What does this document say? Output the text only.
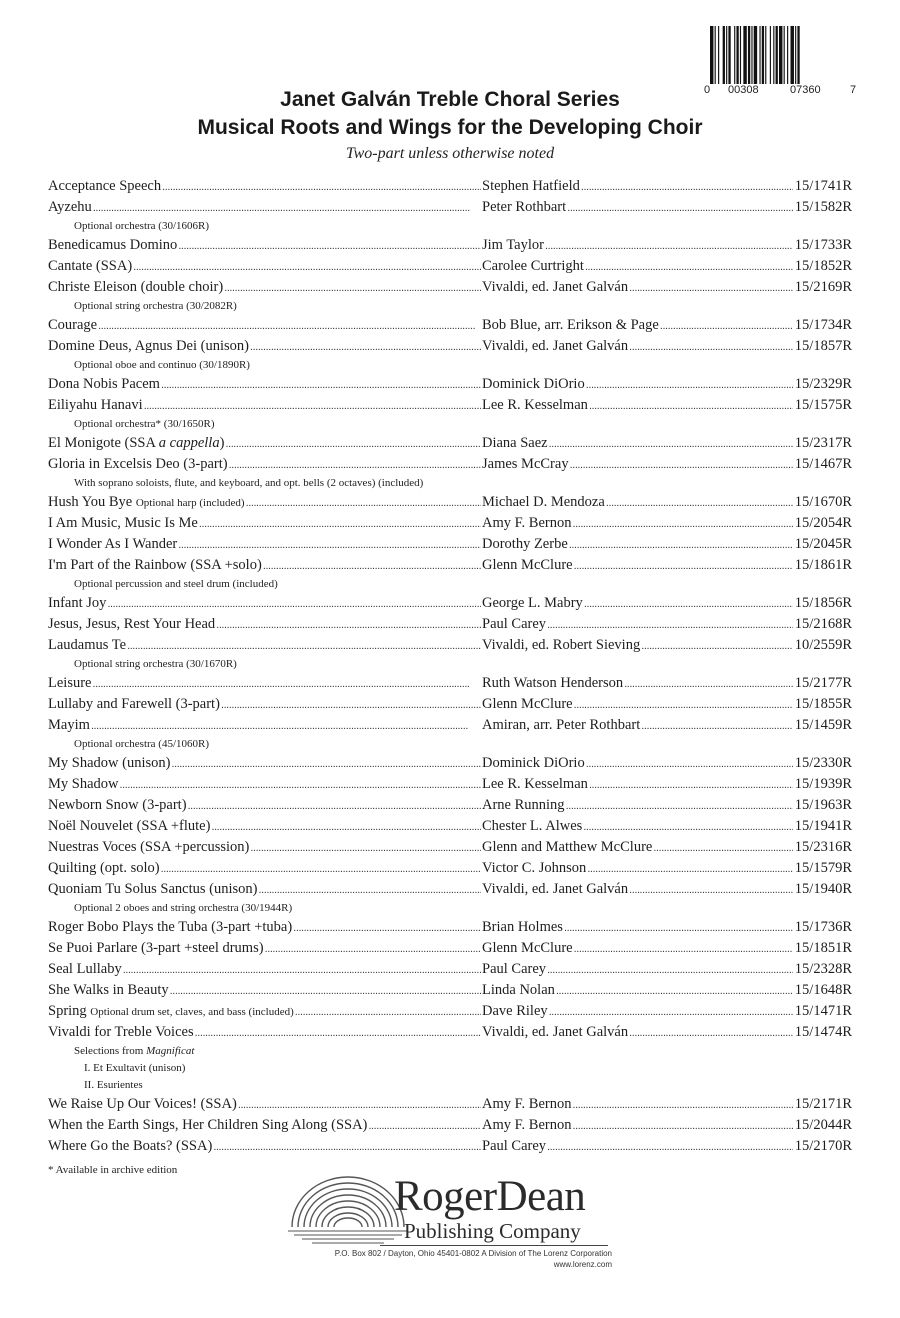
0 00308	07360	7
Janet Galván Treble Choral Series
Musical Roots and Wings for the Developing Choir
Two-part unless otherwise noted
Acceptance Speech . . .	Stephen Hatfield . . .	15/1741R
Ayzehu . . .	Peter Rothbart . . .	15/1582R
Optional orchestra (30/1606R)
Benedicamus Domino . . .	Jim Taylor . . .	15/1733R
Cantate (SSA) . . .	Carolee Curtright . . .	15/1852R
Christe Eleison (double choir) . . .	Vivaldi, ed. Janet Galván . . .	15/2169R
Optional string orchestra (30/2082R)
Courage . . .	Bob Blue, arr. Erikson & Page . . .	15/1734R
Domine Deus, Agnus Dei (unison) . . .	Vivaldi, ed. Janet Galván . . .	15/1857R
Optional oboe and continuo (30/1890R)
Dona Nobis Pacem . . .	Dominick DiOrio . . .	15/2329R
Eiliyahu Hanavi . . .	Lee R. Kesselman . . .	15/1575R
Optional orchestra* (30/1650R)
El Monigote (SSA a cappella) . . .	Diana Saez . . .	15/2317R
Gloria in Excelsis Deo (3-part) . . .	James McCray . . .	15/1467R
With soprano soloists, flute, and keyboard, and opt. bells (2 octaves) (included)
Hush You Bye Optional harp (included) . . .	Michael D. Mendoza . . .	15/1670R
I Am Music, Music Is Me . . .	Amy F. Bernon . . .	15/2054R
I Wonder As I Wander . . .	Dorothy Zerbe . . .	15/2045R
I'm Part of the Rainbow (SSA +solo) . . .	Glenn McClure . . .	15/1861R
Optional percussion and steel drum (included)
Infant Joy . . .	George L. Mabry . . .	15/1856R
Jesus, Jesus, Rest Your Head . . .	Paul Carey . . .	15/2168R
Laudamus Te . . .	Vivaldi, ed. Robert Sieving . . .	10/2559R
Optional string orchestra (30/1670R)
Leisure . . .	Ruth Watson Henderson . . .	15/2177R
Lullaby and Farewell (3-part) . . .	Glenn McClure . . .	15/1855R
Mayim . . .	Amiran, arr. Peter Rothbart . . .	15/1459R
Optional orchestra (45/1060R)
My Shadow (unison) . . .	Dominick DiOrio . . .	15/2330R
My Shadow . . .	Lee R. Kesselman . . .	15/1939R
Newborn Snow (3-part) . . .	Arne Running . . .	15/1963R
Noël Nouvelet (SSA +flute) . . .	Chester L. Alwes . . .	15/1941R
Nuestras Voces (SSA +percussion) . . .	Glenn and Matthew McClure . . .	15/2316R
Quilting (opt. solo) . . .	Victor C. Johnson . . .	15/1579R
Quoniam Tu Solus Sanctus (unison) . . .	Vivaldi, ed. Janet Galván . . .	15/1940R
Optional 2 oboes and string orchestra (30/1944R)
Roger Bobo Plays the Tuba (3-part +tuba) . . .	Brian Holmes . . .	15/1736R
Se Puoi Parlare (3-part +steel drums) . . .	Glenn McClure . . .	15/1851R
Seal Lullaby . . .	Paul Carey . . .	15/2328R
She Walks in Beauty . . .	Linda Nolan . . .	15/1648R
Spring Optional drum set, claves, and bass (included) . . .	Dave Riley . . .	15/1471R
Vivaldi for Treble Voices . . .	Vivaldi, ed. Janet Galván . . .	15/1474R
Selections from Magnificat
I. Et Exultavit (unison)
II. Esurientes
We Raise Up Our Voices! (SSA) . . .	Amy F. Bernon . . .	15/2171R
When the Earth Sings, Her Children Sing Along (SSA) . . .	Amy F. Bernon . . .	15/2044R
Where Go the Boats? (SSA) . . .	Paul Carey . . .	15/2170R
* Available in archive edition
RogerDean
Publishing Company
P.O. Box 802 / Dayton, Ohio 45401-0802 A Division of The Lorenz Corporation
www.lorenz.com
